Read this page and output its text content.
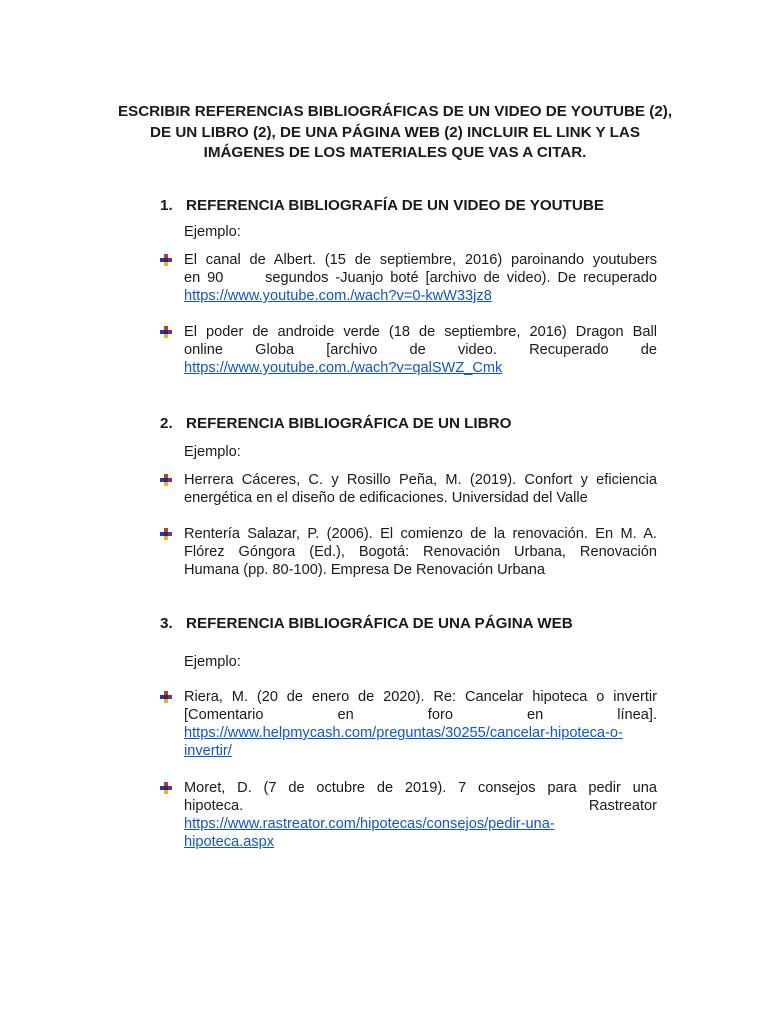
ESCRIBIR REFERENCIAS BIBLIOGRÁFICAS DE UN VIDEO DE YOUTUBE (2), DE UN LIBRO (2), DE UNA PÁGINA WEB (2) INCLUIR EL LINK Y LAS IMÁGENES DE LOS MATERIALES QUE VAS A CITAR.
1. REFERENCIA BIBLIOGRAFÍA DE UN VIDEO DE YOUTUBE
Ejemplo:
El canal de Albert. (15 de septiembre, 2016) paroinando youtubers
en 90      segundos -Juanjo boté [archivo de video). De recuperado
https://www.youtube.com./wach?v=0-kwW33jz8
El poder de androide verde (18 de septiembre, 2016) Dragon Ball
online Globa [archivo de video. Recuperado de
https://www.youtube.com./wach?v=qalSWZ_Cmk
2. REFERENCIA BIBLIOGRÁFICA DE UN LIBRO
Ejemplo:
Herrera Cáceres, C. y Rosillo Peña, M. (2019). Confort y eficiencia
energética en el diseño de edificaciones. Universidad del Valle
Rentería Salazar, P. (2006). El comienzo de la renovación. En M. A.
Flórez Góngora (Ed.), Bogotá: Renovación Urbana, Renovación
Humana (pp. 80-100). Empresa De Renovación Urbana
3. REFERENCIA BIBLIOGRÁFICA DE UNA PÁGINA WEB
Ejemplo:
Riera, M. (20 de enero de 2020). Re: Cancelar hipoteca o invertir
[Comentario en foro en línea].
https://www.helpmycash.com/preguntas/30255/cancelar-hipoteca-o-
invertir/
Moret, D. (7 de octubre de 2019). 7 consejos para pedir una
hipoteca. Rastreator
https://www.rastreator.com/hipotecas/consejos/pedir-una-
hipoteca.aspx
